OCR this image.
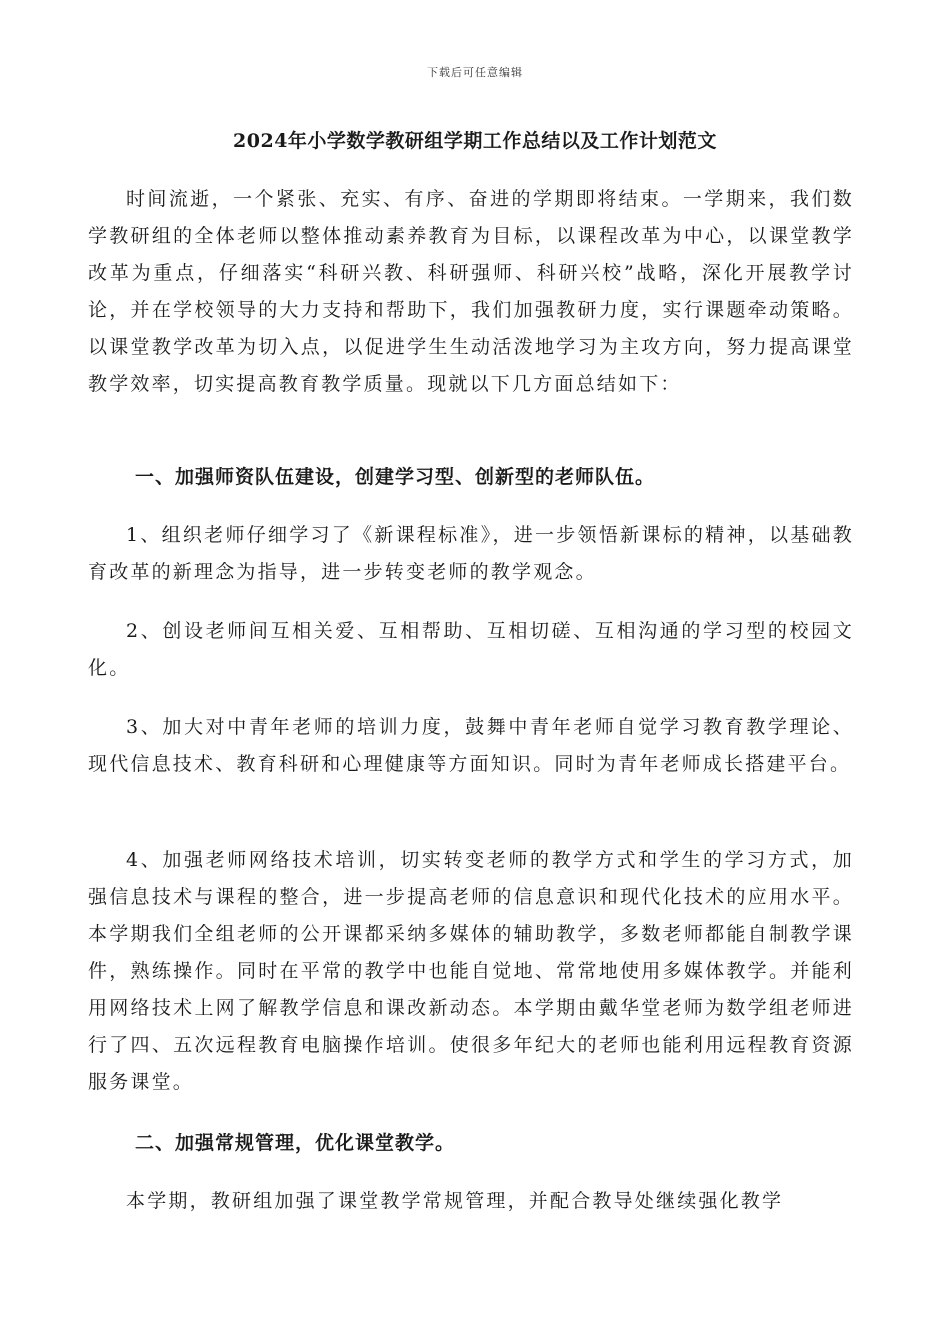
下载后可任意编辑
2024年小学数学教研组学期工作总结以及工作计划范文

时间流逝，一个紧张、充实、有序、奋进的学期即将结束。一学期来，我们数学教研组的全体老师以整体推动素养教育为目标，以课程改革为中心，以课堂教学改革为重点，仔细落实“科研兴教、科研强师、科研兴校”战略，深化开展教学讨论，并在学校领导的大力支持和帮助下，我们加强教研力度，实行课题牵动策略。以课堂教学改革为切入点，以促进学生生动活泼地学习为主攻方向，努力提高课堂教学效率，切实提高教育教学质量。现就以下几方面总结如下：

一、加强师资队伍建设，创建学习型、创新型的老师队伍。

1、组织老师仔细学习了《新课程标准》，进一步领悟新课标的精神，以基础教育改革的新理念为指导，进一步转变老师的教学观念。

2、创设老师间互相关爱、互相帮助、互相切磋、互相沟通的学习型的校园文化。

3、加大对中青年老师的培训力度，鼓舞中青年老师自觉学习教育教学理论、现代信息技术、教育科研和心理健康等方面知识。同时为青年老师成长搭建平台。

4、加强老师网络技术培训，切实转变老师的教学方式和学生的学习方式，加强信息技术与课程的整合，进一步提高老师的信息意识和现代化技术的应用水平。本学期我们全组老师的公开课都采纳多媒体的辅助教学，多数老师都能自制教学课件，熟练操作。同时在平常的教学中也能自觉地、常常地使用多媒体教学。并能利用网络技术上网了解教学信息和课改新动态。本学期由戴华堂老师为数学组老师进行了四、五次远程教育电脑操作培训。使很多年纪大的老师也能利用远程教育资源服务课堂。

二、加强常规管理，优化课堂教学。

本学期，教研组加强了课堂教学常规管理，并配合教导处继续强化教学
